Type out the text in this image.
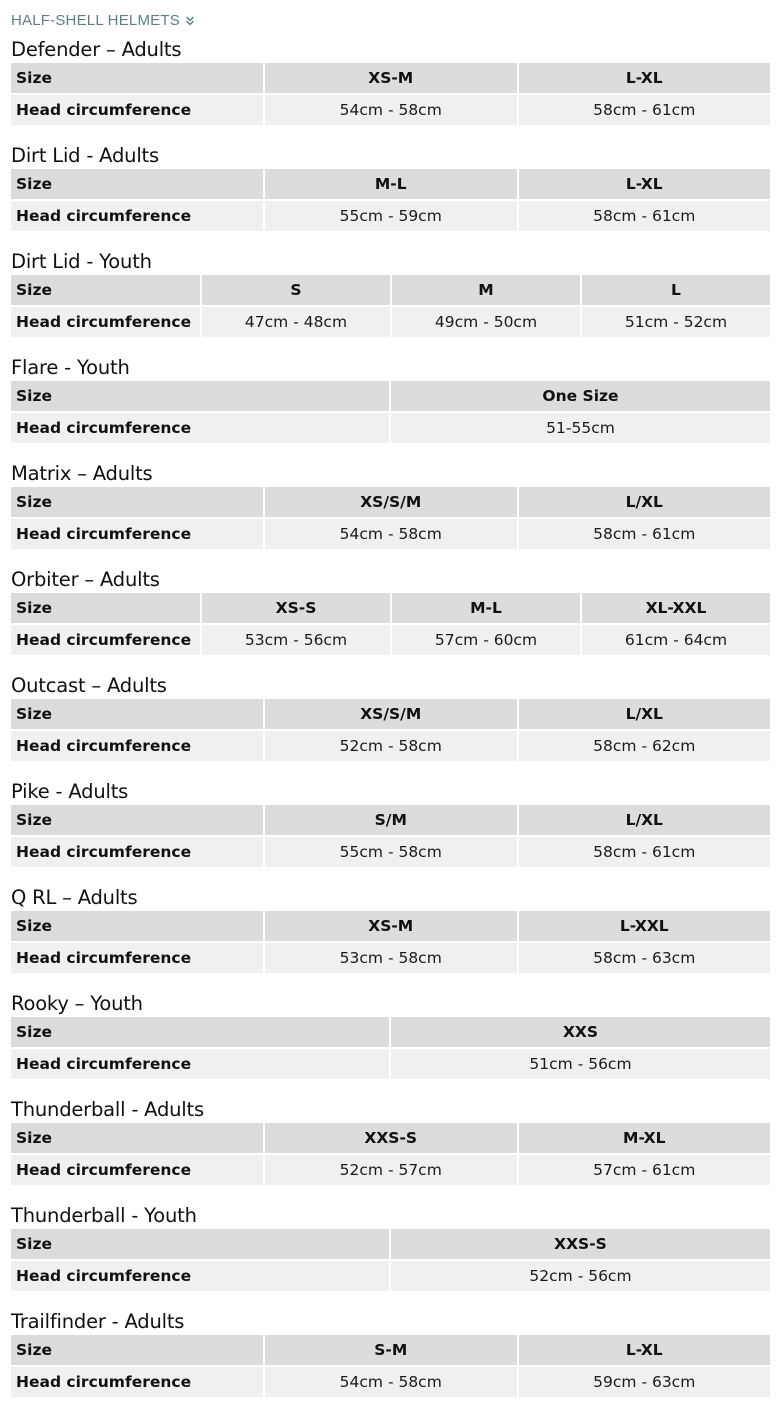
HALF-SHELL HELMETS
Defender – Adults
Size	XS-M	L-XL
Head circumference	54cm - 58cm	58cm - 61cm
Dirt Lid - Adults
Size	M-L	L-XL
Head circumference	55cm - 59cm	58cm - 61cm
Dirt Lid - Youth
Size	S	M	L
Head circumference	47cm - 48cm	49cm - 50cm	51cm - 52cm
Flare - Youth
Size	One Size
Head circumference	51-55cm
Matrix – Adults
Size	XS/S/M	L/XL
Head circumference	54cm - 58cm	58cm - 61cm
Orbiter – Adults
Size	XS-S	M-L	XL-XXL
Head circumference	53cm - 56cm	57cm - 60cm	61cm - 64cm
Outcast – Adults
Size	XS/S/M	L/XL
Head circumference	52cm - 58cm	58cm - 62cm
Pike - Adults
Size	S/M	L/XL
Head circumference	55cm - 58cm	58cm - 61cm
Q RL – Adults
Size	XS-M	L-XXL
Head circumference	53cm - 58cm	58cm - 63cm
Rooky – Youth
Size	XXS
Head circumference	51cm - 56cm
Thunderball - Adults
Size	XXS-S	M-XL
Head circumference	52cm - 57cm	57cm - 61cm
Thunderball - Youth
Size	XXS-S
Head circumference	52cm - 56cm
Trailfinder - Adults
Size	S-M	L-XL
Head circumference	54cm - 58cm	59cm - 63cm
